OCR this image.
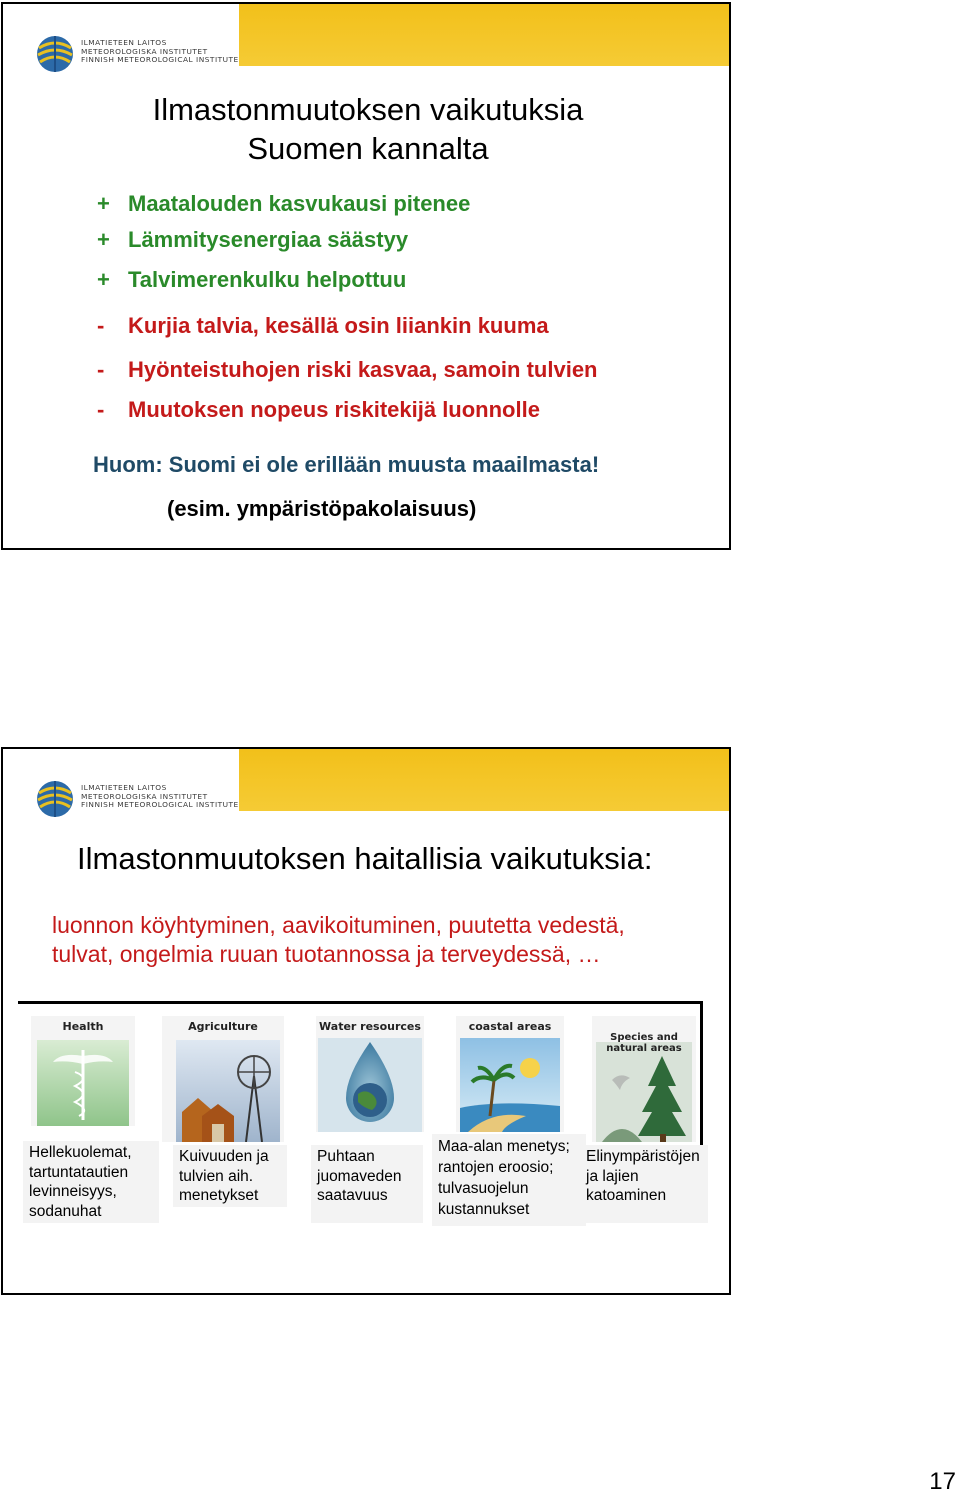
ILMATIETEEN LAITOS
METEOROLOGISKA INSTITUTET
FINNISH METEOROLOGICAL INSTITUTE
Ilmastonmuutoksen vaikutuksia
Suomen kannalta
+ Maatalouden kasvukausi pitenee
+ Lämmitysenergiaa säästyy
+ Talvimerenkulku helpottuu
- Kurjia talvia, kesällä osin liiankin kuuma
- Hyönteistuhojen riski kasvaa, samoin tulvien
- Muutoksen nopeus riskitekijä luonnolle
Huom: Suomi ei ole erillään muusta maailmasta!
(esim. ympäristöpakolaisuus)
ILMATIETEEN LAITOS
METEOROLOGISKA INSTITUTET
FINNISH METEOROLOGICAL INSTITUTE
Ilmastonmuutoksen haitallisia vaikutuksia:
luonnon köyhtyminen, aavikoituminen, puutetta vedestä,
tulvat, ongelmia ruuan tuotannossa ja terveydessä, …
Health	Agriculture	Water resources	coastal areas
Species and natural areas
Hellekuolemat,
tartuntatautien
levinneisyys,
sodanuhat
Kuivuuden ja
tulvien aih.
menetykset
Puhtaan
juomaveden
saatavuus
Maa-alan menetys;
rantojen eroosio;
tulvasuojelun
kustannukset
Elinympäristöjen
ja lajien
katoaminen
17
